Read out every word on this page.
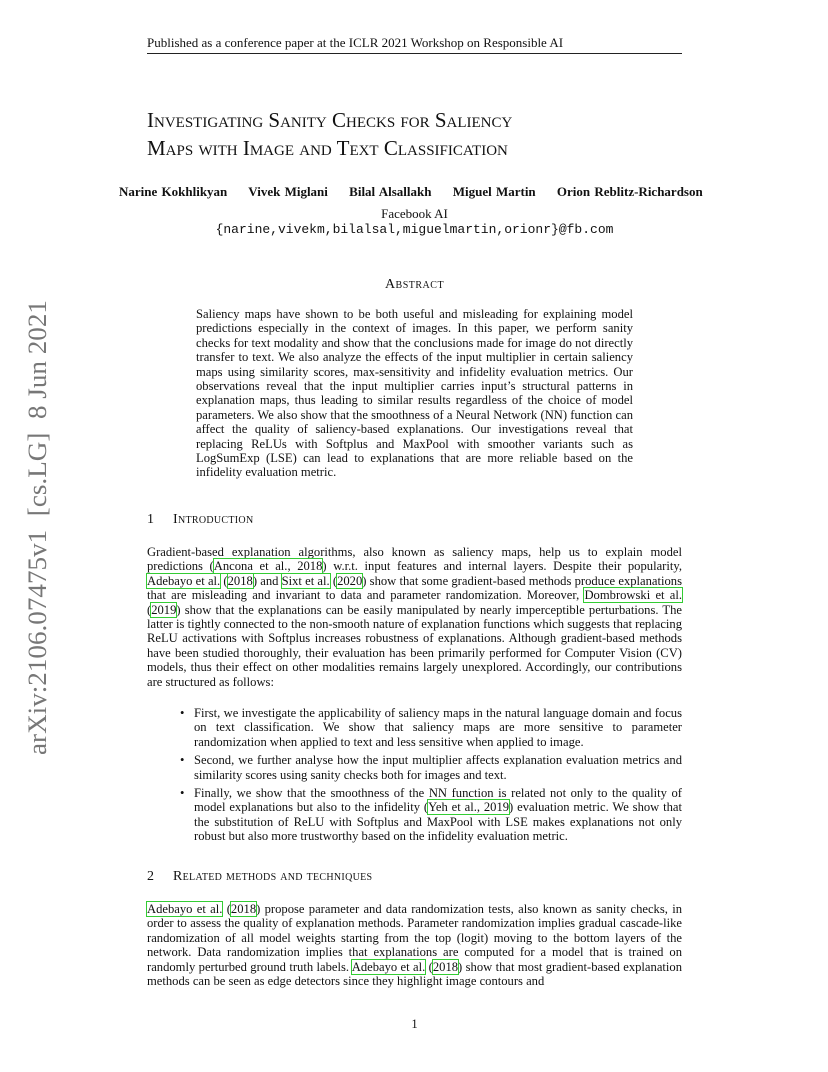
Published as a conference paper at the ICLR 2021 Workshop on Responsible AI
arXiv:2106.07475v1  [cs.LG]  8 Jun 2021
Investigating Sanity Checks for Saliency
Maps with Image and Text Classification
Narine Kokhlikyan Vivek Miglani Bilal Alsallakh Miguel Martin Orion Reblitz-Richardson
Facebook AI
{narine,vivekm,bilalsal,miguelmartin,orionr}@fb.com
Abstract
Saliency maps have shown to be both useful and misleading for explaining model predictions especially in the context of images. In this paper, we perform sanity checks for text modality and show that the conclusions made for image do not directly transfer to text. We also analyze the effects of the input multiplier in certain saliency maps using similarity scores, max-sensitivity and infidelity evaluation metrics. Our observations reveal that the input multiplier carries input’s structural patterns in explanation maps, thus leading to similar results regardless of the choice of model parameters. We also show that the smoothness of a Neural Network (NN) function can affect the quality of saliency-based explanations. Our investigations reveal that replacing ReLUs with Softplus and MaxPool with smoother variants such as LogSumExp (LSE) can lead to explanations that are more reliable based on the infidelity evaluation metric.
1 Introduction
Gradient-based explanation algorithms, also known as saliency maps, help us to explain model predictions (Ancona et al., 2018) w.r.t. input features and internal layers. Despite their popularity, Adebayo et al. (2018) and Sixt et al. (2020) show that some gradient-based methods produce explanations that are misleading and invariant to data and parameter randomization. Moreover, Dombrowski et al. (2019) show that the explanations can be easily manipulated by nearly imperceptible perturbations. The latter is tightly connected to the non-smooth nature of explanation functions which suggests that replacing ReLU activations with Softplus increases robustness of explanations. Although gradient-based methods have been studied thoroughly, their evaluation has been primarily performed for Computer Vision (CV) models, thus their effect on other modalities remains largely unexplored. Accordingly, our contributions are structured as follows:
• First, we investigate the applicability of saliency maps in the natural language domain and focus on text classification. We show that saliency maps are more sensitive to parameter randomization when applied to text and less sensitive when applied to image.
• Second, we further analyse how the input multiplier affects explanation evaluation metrics and similarity scores using sanity checks both for images and text.
• Finally, we show that the smoothness of the NN function is related not only to the quality of model explanations but also to the infidelity (Yeh et al., 2019) evaluation metric. We show that the substitution of ReLU with Softplus and MaxPool with LSE makes explanations not only robust but also more trustworthy based on the infidelity evaluation metric.
2 Related methods and techniques
Adebayo et al. (2018) propose parameter and data randomization tests, also known as sanity checks, in order to assess the quality of explanation methods. Parameter randomization implies gradual cascade-like randomization of all model weights starting from the top (logit) moving to the bottom layers of the network. Data randomization implies that explanations are computed for a model that is trained on randomly perturbed ground truth labels. Adebayo et al. (2018) show that most gradient-based explanation methods can be seen as edge detectors since they highlight image contours and
1
